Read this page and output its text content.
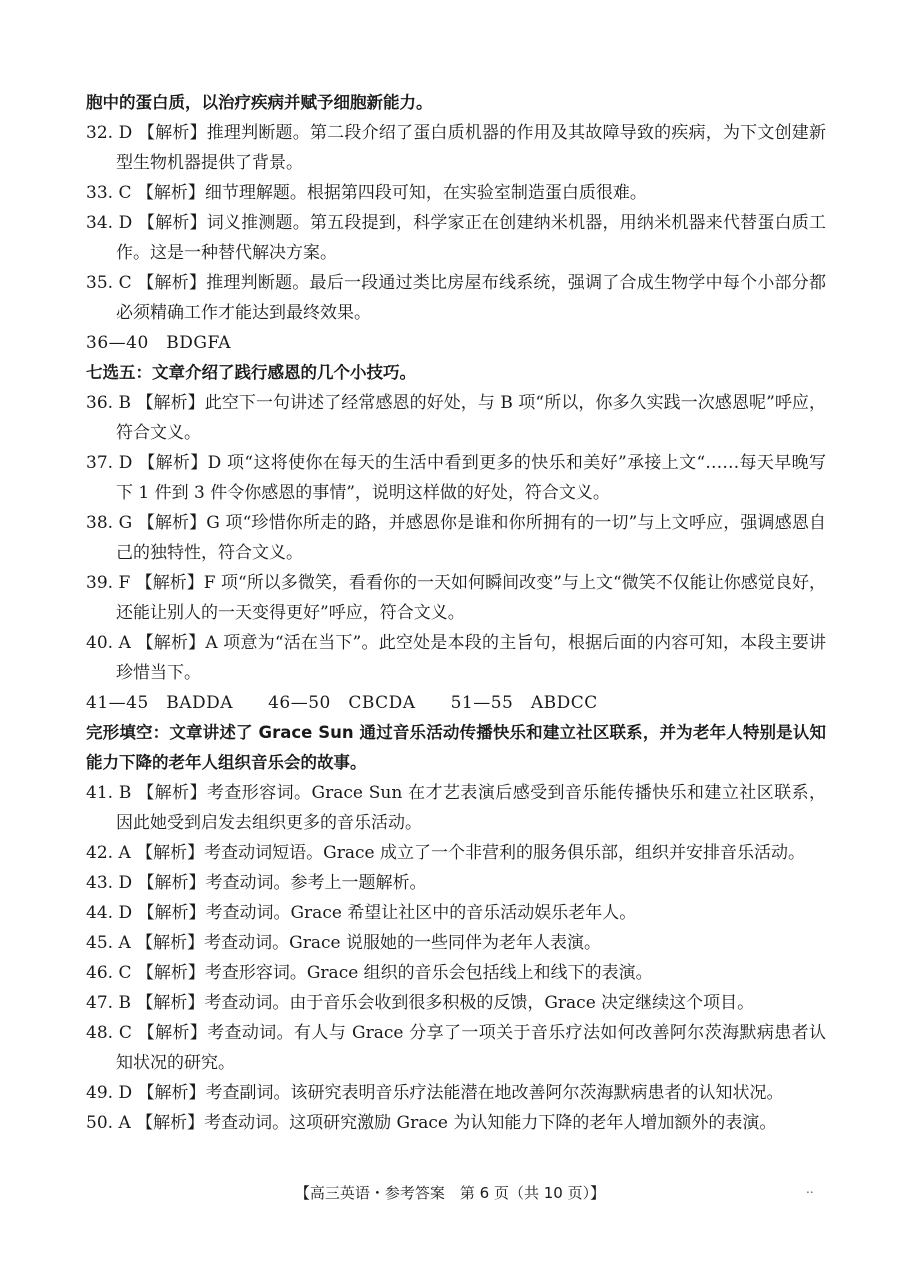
胞中的蛋白质，以治疗疾病并赋予细胞新能力。

32. D 【解析】推理判断题。第二段介绍了蛋白质机器的作用及其故障导致的疾病，为下文创建新型生物机器提供了背景。

33. C 【解析】细节理解题。根据第四段可知，在实验室制造蛋白质很难。

34. D 【解析】词义推测题。第五段提到，科学家正在创建纳米机器，用纳米机器来代替蛋白质工作。这是一种替代解决方案。

35. C 【解析】推理判断题。最后一段通过类比房屋布线系统，强调了合成生物学中每个小部分都必须精确工作才能达到最终效果。

36—40　BDGFA

七选五：文章介绍了践行感恩的几个小技巧。

36. B 【解析】此空下一句讲述了经常感恩的好处，与 B 项“所以，你多久实践一次感恩呢”呼应，符合文义。

37. D 【解析】D 项“这将使你在每天的生活中看到更多的快乐和美好”承接上文“……每天早晚写下 1 件到 3 件令你感恩的事情”，说明这样做的好处，符合文义。

38. G 【解析】G 项“珍惜你所走的路，并感恩你是谁和你所拥有的一切”与上文呼应，强调感恩自己的独特性，符合文义。

39. F 【解析】F 项“所以多微笑，看看你的一天如何瞬间改变”与上文“微笑不仅能让你感觉良好，还能让别人的一天变得更好”呼应，符合文义。

40. A 【解析】A 项意为“活在当下”。此空处是本段的主旨句，根据后面的内容可知，本段主要讲珍惜当下。

41—45　BADDA　　46—50　CBCDA　　51—55　ABDCC

完形填空：文章讲述了 Grace Sun 通过音乐活动传播快乐和建立社区联系，并为老年人特别是认知能力下降的老年人组织音乐会的故事。

41. B 【解析】考查形容词。Grace Sun 在才艺表演后感受到音乐能传播快乐和建立社区联系，因此她受到启发去组织更多的音乐活动。

42. A 【解析】考查动词短语。Grace 成立了一个非营利的服务俱乐部，组织并安排音乐活动。

43. D 【解析】考查动词。参考上一题解析。

44. D 【解析】考查动词。Grace 希望让社区中的音乐活动娱乐老年人。

45. A 【解析】考查动词。Grace 说服她的一些同伴为老年人表演。

46. C 【解析】考查形容词。Grace 组织的音乐会包括线上和线下的表演。

47. B 【解析】考查动词。由于音乐会收到很多积极的反馈，Grace 决定继续这个项目。

48. C 【解析】考查动词。有人与 Grace 分享了一项关于音乐疗法如何改善阿尔茨海默病患者认知状况的研究。

49. D 【解析】考查副词。该研究表明音乐疗法能潜在地改善阿尔茨海默病患者的认知状况。

50. A 【解析】考查动词。这项研究激励 Grace 为认知能力下降的老年人增加额外的表演。

【高三英语・参考答案　第 6 页（共 10 页）】	..
